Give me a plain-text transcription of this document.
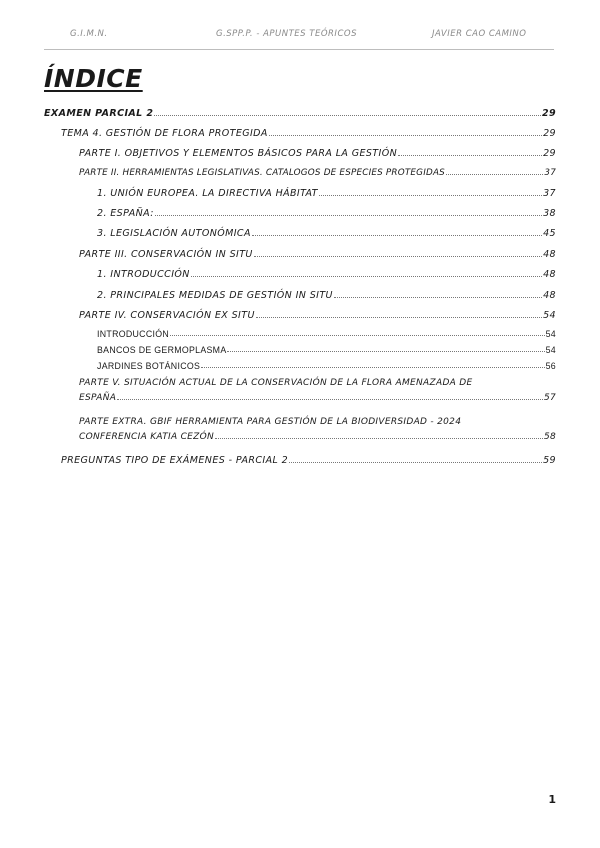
G.I.M.N.	G.SPP.P. - APUNTES TEÓRICOS	JAVIER CAO CAMINO
ÍNDICE
EXAMEN PARCIAL 2	29
TEMA 4. GESTIÓN DE FLORA PROTEGIDA	29
PARTE I. OBJETIVOS Y ELEMENTOS BÁSICOS PARA LA GESTIÓN	29
PARTE II. HERRAMIENTAS LEGISLATIVAS. CATALOGOS DE ESPECIES PROTEGIDAS	37
1. UNIÓN EUROPEA. LA DIRECTIVA HÁBITAT	37
2. ESPAÑA:	38
3. LEGISLACIÓN AUTONÓMICA	45
PARTE III. CONSERVACIÓN IN SITU	48
1. INTRODUCCIÓN	48
2. PRINCIPALES MEDIDAS DE GESTIÓN IN SITU	48
PARTE IV. CONSERVACIÓN EX SITU	54
INTRODUCCIÓN	54
BANCOS DE GERMOPLASMA	54
JARDINES BOTÁNICOS	56
PARTE V. SITUACIÓN ACTUAL DE LA CONSERVACIÓN DE LA FLORA AMENAZADA DE
ESPAÑA	57
PARTE EXTRA. GBIF HERRAMIENTA PARA GESTIÓN DE LA BIODIVERSIDAD - 2024
CONFERENCIA KATIA CEZÓN	58
PREGUNTAS TIPO DE EXÁMENES - PARCIAL 2	59
1
